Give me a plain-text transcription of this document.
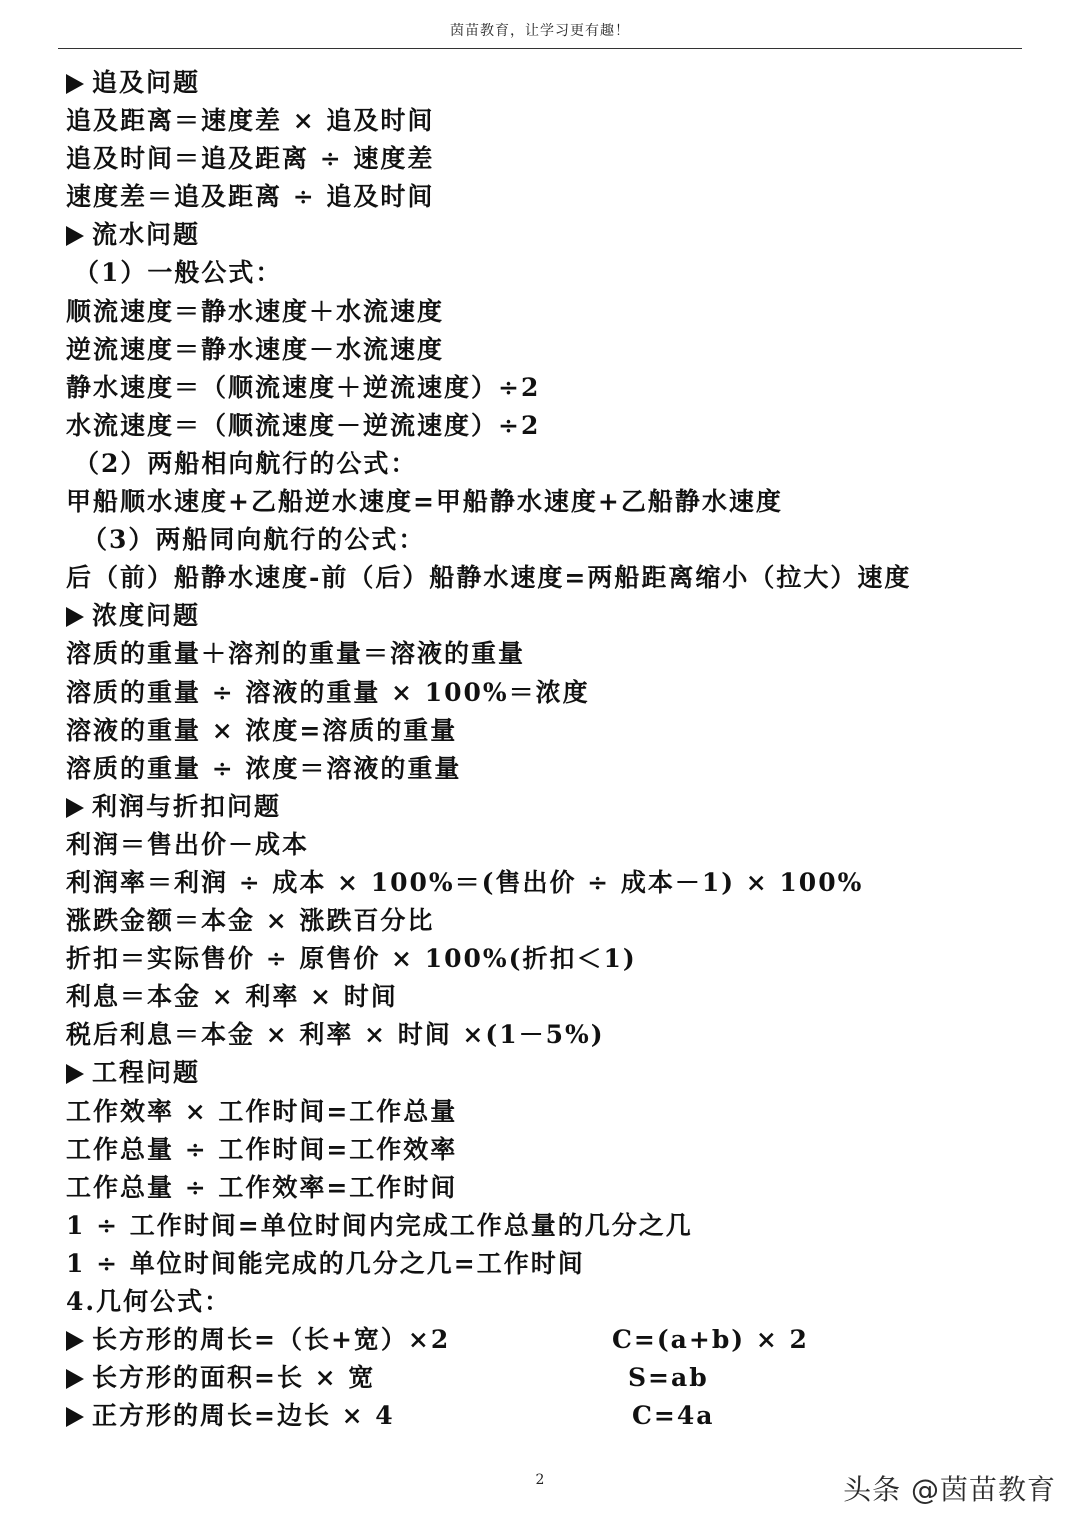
茵苗教育，让学习更有趣！
追及问题
追及距离＝速度差 × 追及时间
追及时间＝追及距离 ÷ 速度差
速度差＝追及距离 ÷ 追及时间
流水问题
（1）一般公式：
顺流速度＝静水速度＋水流速度
逆流速度＝静水速度－水流速度
静水速度＝（顺流速度＋逆流速度）÷2
水流速度＝（顺流速度－逆流速度）÷2
（2）两船相向航行的公式：
甲船顺水速度+乙船逆水速度=甲船静水速度+乙船静水速度
（3）两船同向航行的公式：
后（前）船静水速度-前（后）船静水速度=两船距离缩小（拉大）速度
浓度问题
溶质的重量＋溶剂的重量＝溶液的重量
溶质的重量 ÷ 溶液的重量 × 100%＝浓度
溶液的重量 × 浓度=溶质的重量
溶质的重量 ÷ 浓度＝溶液的重量
利润与折扣问题
利润＝售出价－成本
利润率＝利润 ÷ 成本 × 100%＝(售出价 ÷ 成本－1) × 100%
涨跌金额＝本金 × 涨跌百分比
折扣＝实际售价 ÷ 原售价 × 100%(折扣＜1)
利息＝本金 × 利率 × 时间
税后利息＝本金 × 利率 × 时间 ×(1－5%)
工程问题
工作效率 × 工作时间=工作总量
工作总量 ÷ 工作时间=工作效率
工作总量 ÷ 工作效率=工作时间
1 ÷ 工作时间=单位时间内完成工作总量的几分之几
1 ÷ 单位时间能完成的几分之几=工作时间
4.几何公式：
长方形的周长=（长+宽）×2	C=(a+b) × 2
长方形的面积=长 × 宽	S=ab
正方形的周长=边长 × 4	C=4a
2	头条 @茵苗教育
